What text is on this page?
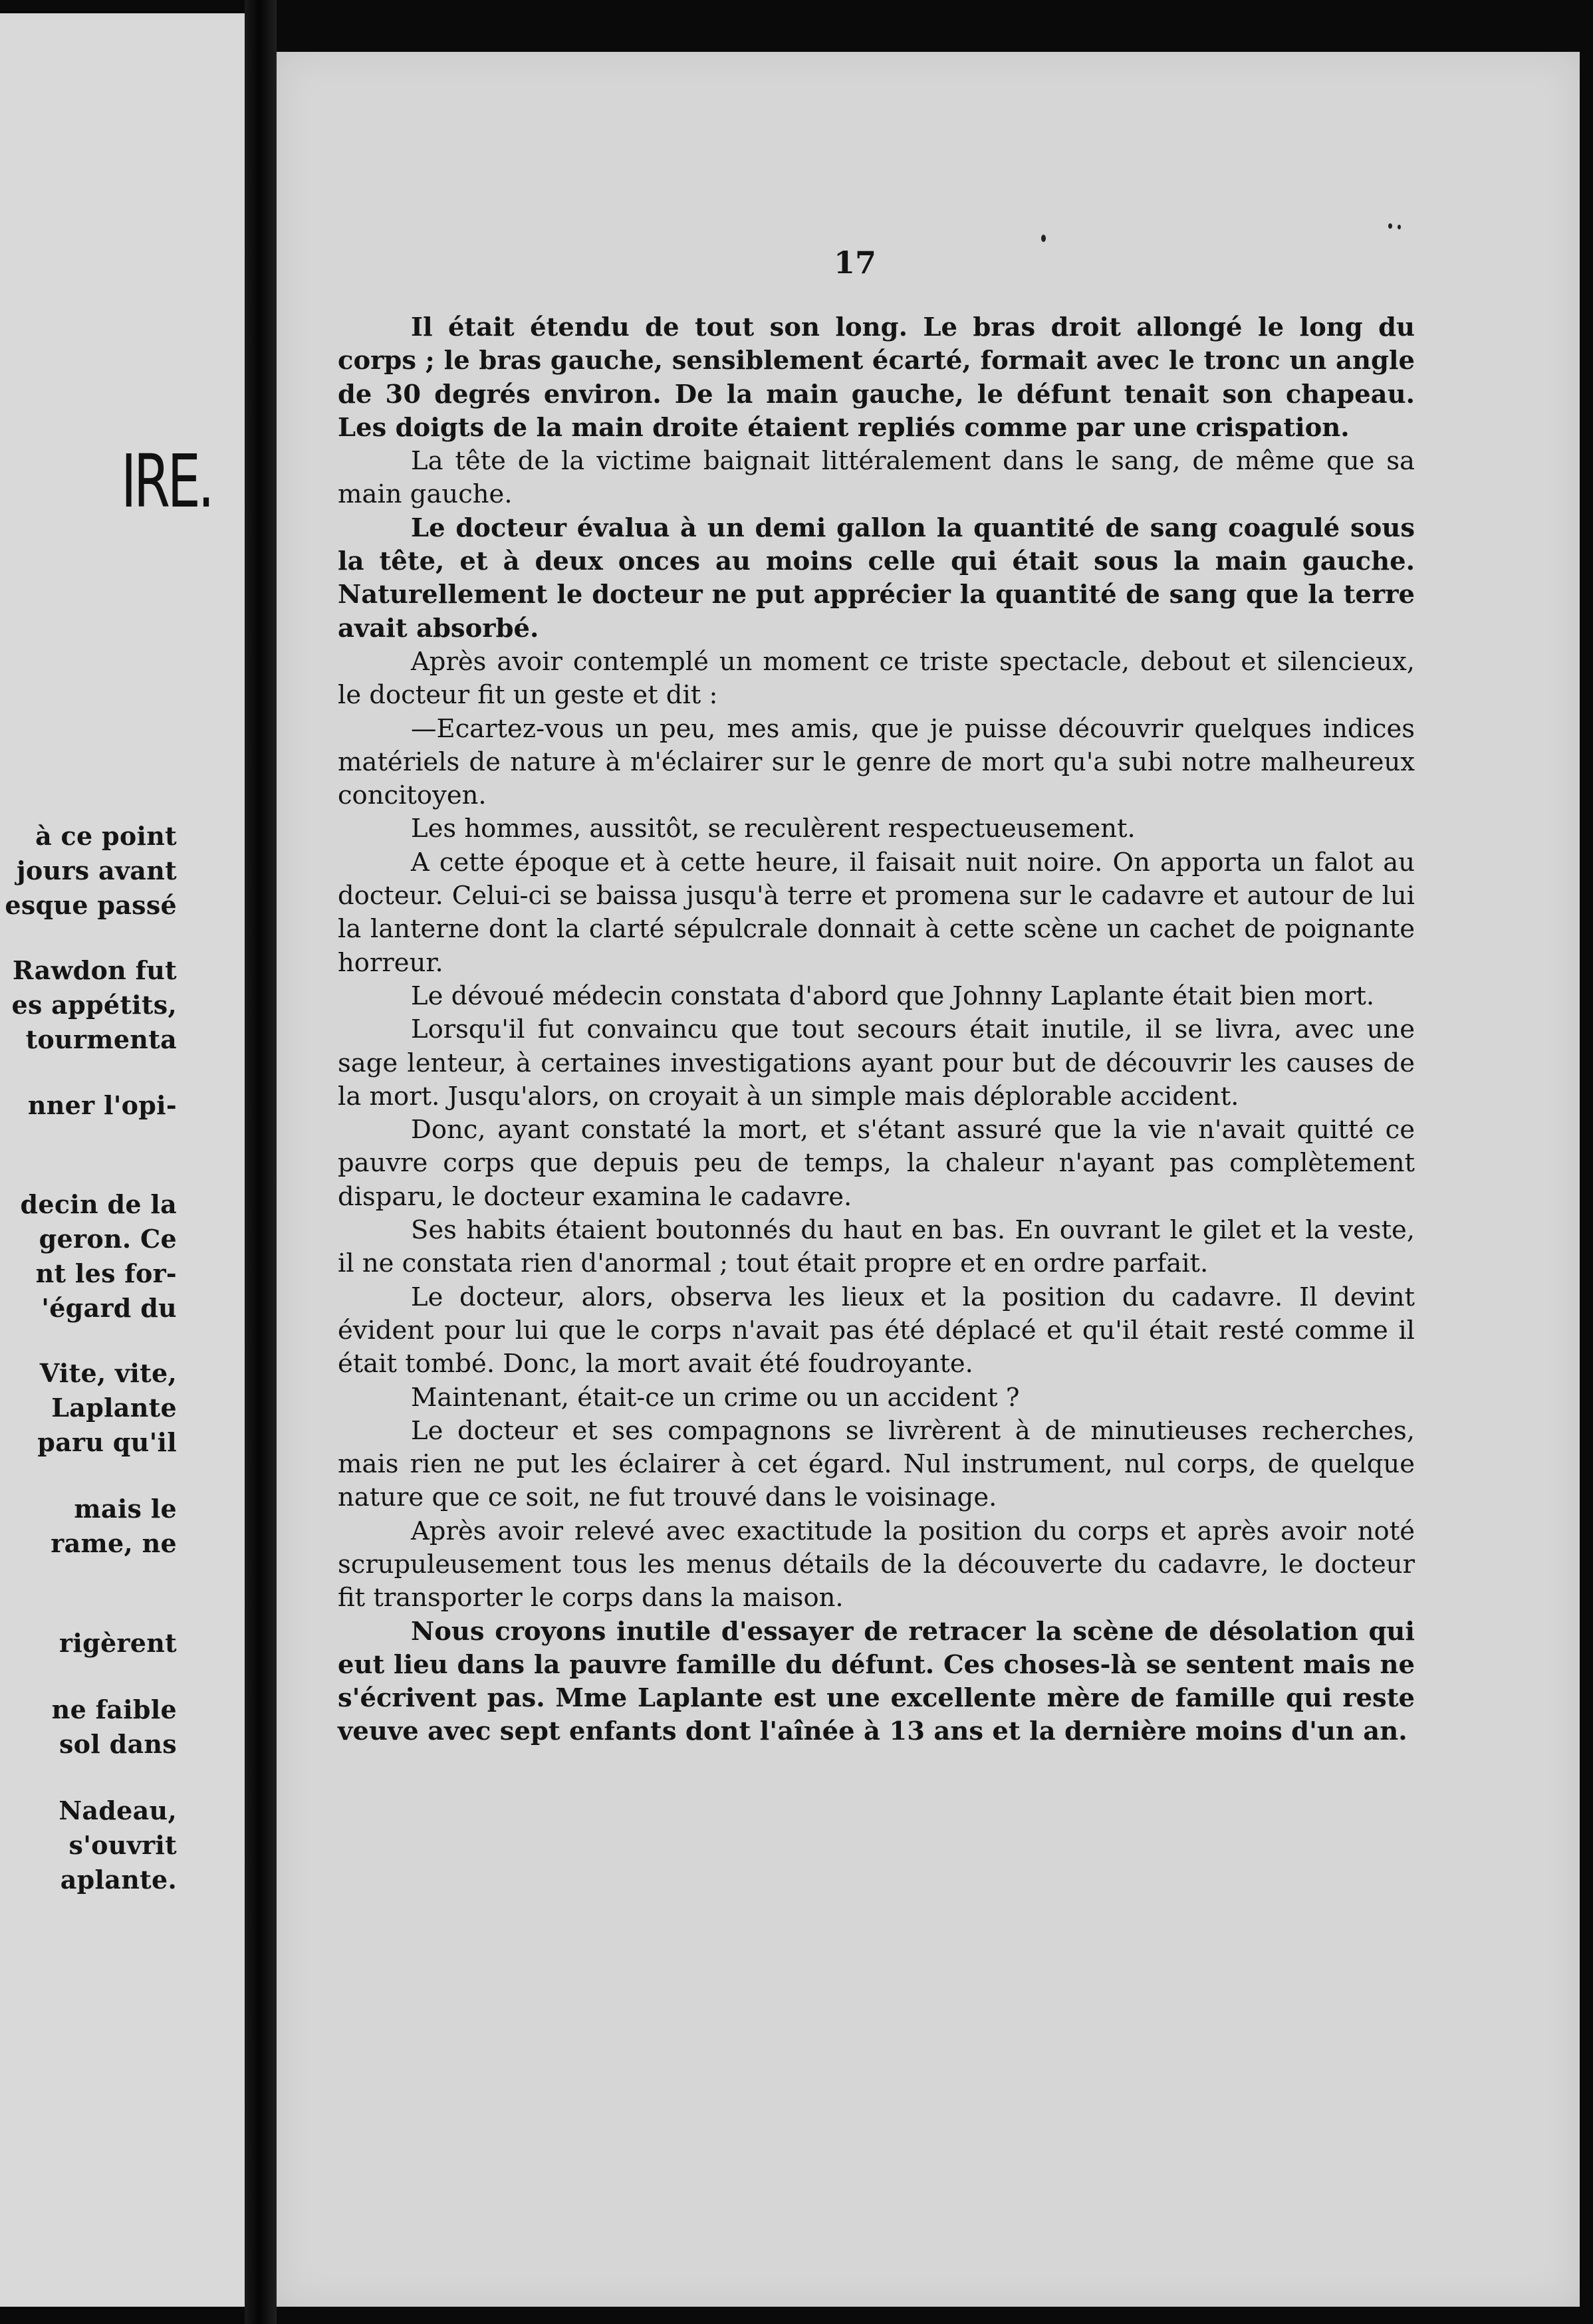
IRE.
à ce point
jours avant
esque passé
Rawdon fut
es appétits,
tourmenta
nner l'opi-
decin de la
geron. Ce
nt les for-
'égard du
Vite, vite,
Laplante
paru qu'il
mais le
rame, ne
rigèrent
ne faible
sol dans
Nadeau,
s'ouvrit
aplante.
17

Il était étendu de tout son long. Le bras droit allongé le long du corps ; le bras gauche, sensiblement écarté, formait avec le tronc un angle de 30 degrés environ. De la main gauche, le défunt tenait son chapeau. Les doigts de la main droite étaient repliés comme par une crispation.

La tête de la victime baignait littéralement dans le sang, de même que sa main gauche.

Le docteur évalua à un demi gallon la quantité de sang coagulé sous la tête, et à deux onces au moins celle qui était sous la main gauche. Naturellement le docteur ne put apprécier la quantité de sang que la terre avait absorbé.

Après avoir contemplé un moment ce triste spectacle, debout et silencieux, le docteur fit un geste et dit :

—Ecartez-vous un peu, mes amis, que je puisse découvrir quelques indices matériels de nature à m'éclairer sur le genre de mort qu'a subi notre malheureux concitoyen.

Les hommes, aussitôt, se reculèrent respectueusement.

A cette époque et à cette heure, il faisait nuit noire. On apporta un falot au docteur. Celui-ci se baissa jusqu'à terre et promena sur le cadavre et autour de lui la lanterne dont la clarté sépulcrale donnait à cette scène un cachet de poignante horreur.

Le dévoué médecin constata d'abord que Johnny Laplante était bien mort.

Lorsqu'il fut convaincu que tout secours était inutile, il se livra, avec une sage lenteur, à certaines investigations ayant pour but de découvrir les causes de la mort. Jusqu'alors, on croyait à un simple mais déplorable accident.

Donc, ayant constaté la mort, et s'étant assuré que la vie n'avait quitté ce pauvre corps que depuis peu de temps, la chaleur n'ayant pas complètement disparu, le docteur examina le cadavre.

Ses habits étaient boutonnés du haut en bas. En ouvrant le gilet et la veste, il ne constata rien d'anormal ; tout était propre et en ordre parfait.

Le docteur, alors, observa les lieux et la position du cadavre. Il devint évident pour lui que le corps n'avait pas été déplacé et qu'il était resté comme il était tombé. Donc, la mort avait été foudroyante.

Maintenant, était-ce un crime ou un accident ?

Le docteur et ses compagnons se livrèrent à de minutieuses recherches, mais rien ne put les éclairer à cet égard. Nul instrument, nul corps, de quelque nature que ce soit, ne fut trouvé dans le voisinage.

Après avoir relevé avec exactitude la position du corps et après avoir noté scrupuleusement tous les menus détails de la découverte du cadavre, le docteur fit transporter le corps dans la maison.

Nous croyons inutile d'essayer de retracer la scène de désolation qui eut lieu dans la pauvre famille du défunt. Ces choses-là se sentent mais ne s'écrivent pas. Mme Laplante est une excellente mère de famille qui reste veuve avec sept enfants dont l'aînée à 13 ans et la dernière moins d'un an.
